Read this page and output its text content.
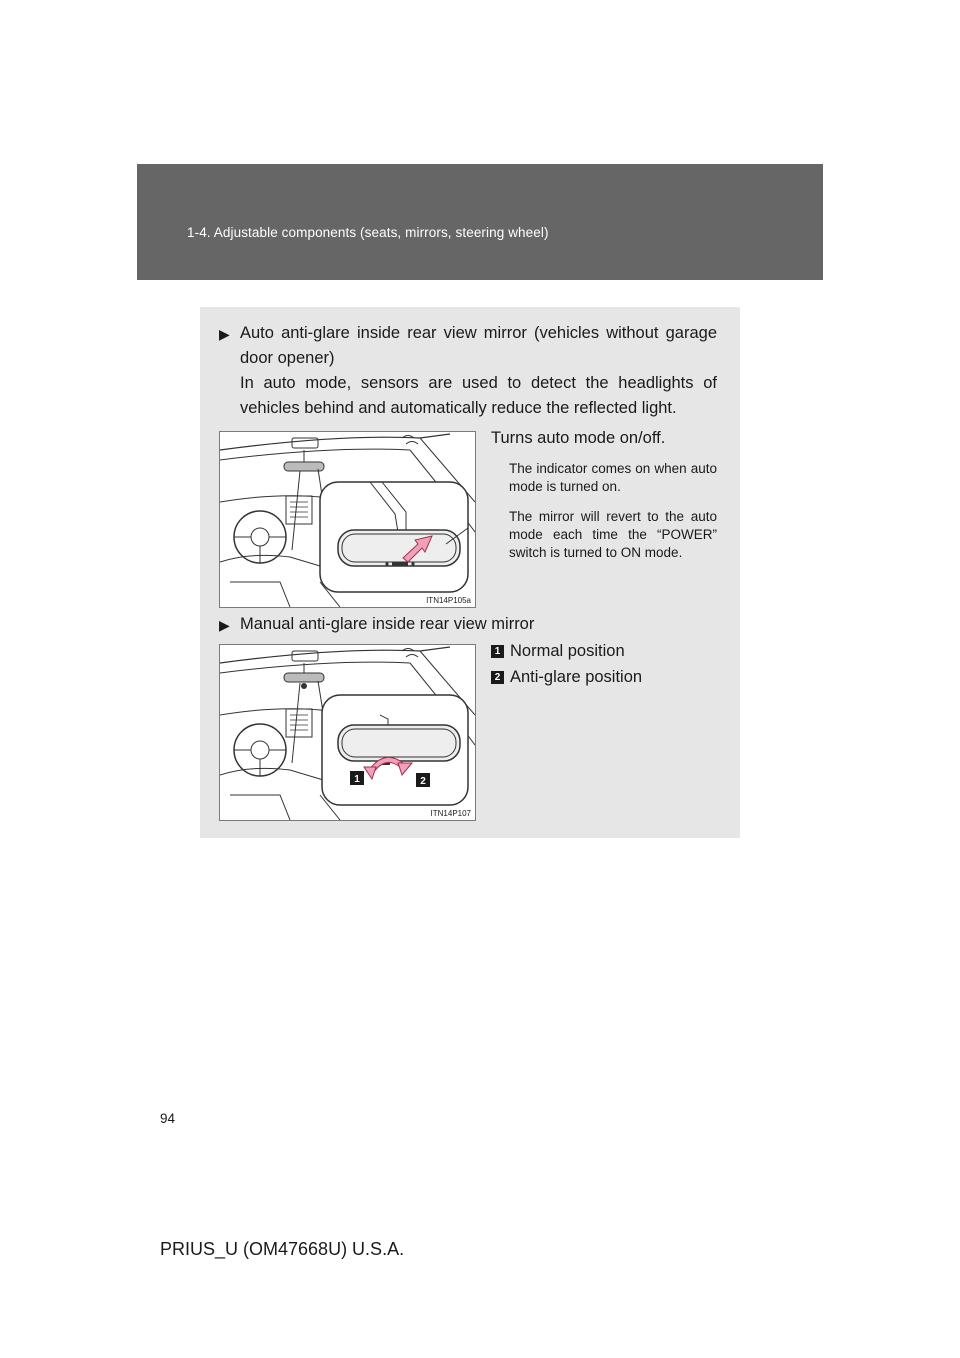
1-4. Adjustable components (seats, mirrors, steering wheel)
▶ Auto anti-glare inside rear view mirror (vehicles without garage door opener)
In auto mode, sensors are used to detect the headlights of vehicles behind and automatically reduce the reflected light.
ITN14P105a
Turns auto mode on/off.
The indicator comes on when auto mode is turned on.
The mirror will revert to the auto mode each time the “POWER” switch is turned to ON mode.
▶ Manual anti-glare inside rear view mirror
1	2
ITN14P107
1 Normal position
2 Anti-glare position
94
PRIUS_U (OM47668U) U.S.A.
